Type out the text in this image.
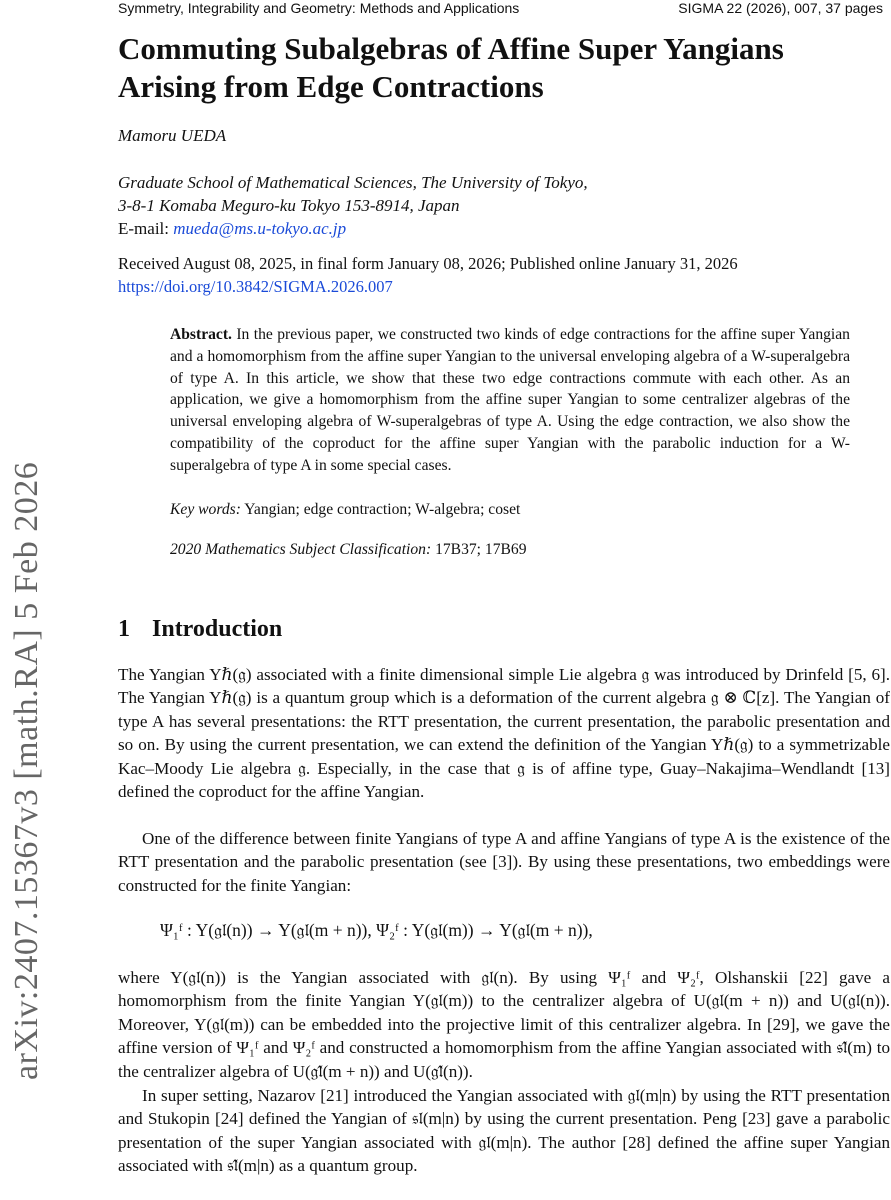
Symmetry, Integrability and Geometry: Methods and Applications	SIGMA 22 (2026), 007, 37 pages
Commuting Subalgebras of Affine Super Yangians Arising from Edge Contractions
Mamoru UEDA
Graduate School of Mathematical Sciences, The University of Tokyo,
3-8-1 Komaba Meguro-ku Tokyo 153-8914, Japan
E-mail: mueda@ms.u-tokyo.ac.jp
Received August 08, 2025, in final form January 08, 2026; Published online January 31, 2026
https://doi.org/10.3842/SIGMA.2026.007
Abstract. In the previous paper, we constructed two kinds of edge contractions for the affine super Yangian and a homomorphism from the affine super Yangian to the universal enveloping algebra of a W-superalgebra of type A. In this article, we show that these two edge contractions commute with each other. As an application, we give a homomorphism from the affine super Yangian to some centralizer algebras of the universal enveloping algebra of W-superalgebras of type A. Using the edge contraction, we also show the compatibility of the coproduct for the affine super Yangian with the parabolic induction for a W-superalgebra of type A in some special cases.
Key words: Yangian; edge contraction; W-algebra; coset
2020 Mathematics Subject Classification: 17B37; 17B69
1 Introduction

The Yangian Yℏ(𝔤) associated with a finite dimensional simple Lie algebra 𝔤 was introduced by Drinfeld [5, 6]. The Yangian Yℏ(𝔤) is a quantum group which is a deformation of the current algebra 𝔤 ⊗ ℂ[z]. The Yangian of type A has several presentations: the RTT presentation, the current presentation, the parabolic presentation and so on. By using the current presentation, we can extend the definition of the Yangian Yℏ(𝔤) to a symmetrizable Kac–Moody Lie algebra 𝔤. Especially, in the case that 𝔤 is of affine type, Guay–Nakajima–Wendlandt [13] defined the coproduct for the affine Yangian.

One of the difference between finite Yangians of type A and affine Yangians of type A is the existence of the RTT presentation and the parabolic presentation (see [3]). By using these presentations, two embeddings were constructed for the finite Yangian:

Ψ₁ᶠ : Y(𝔤𝔩(n)) → Y(𝔤𝔩(m + n)), Ψ₂ᶠ : Y(𝔤𝔩(m)) → Y(𝔤𝔩(m + n)),

where Y(𝔤𝔩(n)) is the Yangian associated with 𝔤𝔩(n). By using Ψ₁ᶠ and Ψ₂ᶠ, Olshanskii [22] gave a homomorphism from the finite Yangian Y(𝔤𝔩(m)) to the centralizer algebra of U(𝔤𝔩(m + n)) and U(𝔤𝔩(n)). Moreover, Y(𝔤𝔩(m)) can be embedded into the projective limit of this centralizer algebra. In [29], we gave the affine version of Ψ₁ᶠ and Ψ₂ᶠ and constructed a homomorphism from the affine Yangian associated with 𝔰𝔩̂(m) to the centralizer algebra of U(𝔤𝔩̂(m + n)) and U(𝔤𝔩̂(n)).

In super setting, Nazarov [21] introduced the Yangian associated with 𝔤𝔩(m|n) by using the RTT presentation and Stukopin [24] defined the Yangian of 𝔰𝔩(m|n) by using the current presentation. Peng [23] gave a parabolic presentation of the super Yangian associated with 𝔤𝔩(m|n). The author [28] defined the affine super Yangian associated with 𝔰𝔩̂(m|n) as a quantum group.

arXiv:2407.15367v3 [math.RA] 5 Feb 2026
